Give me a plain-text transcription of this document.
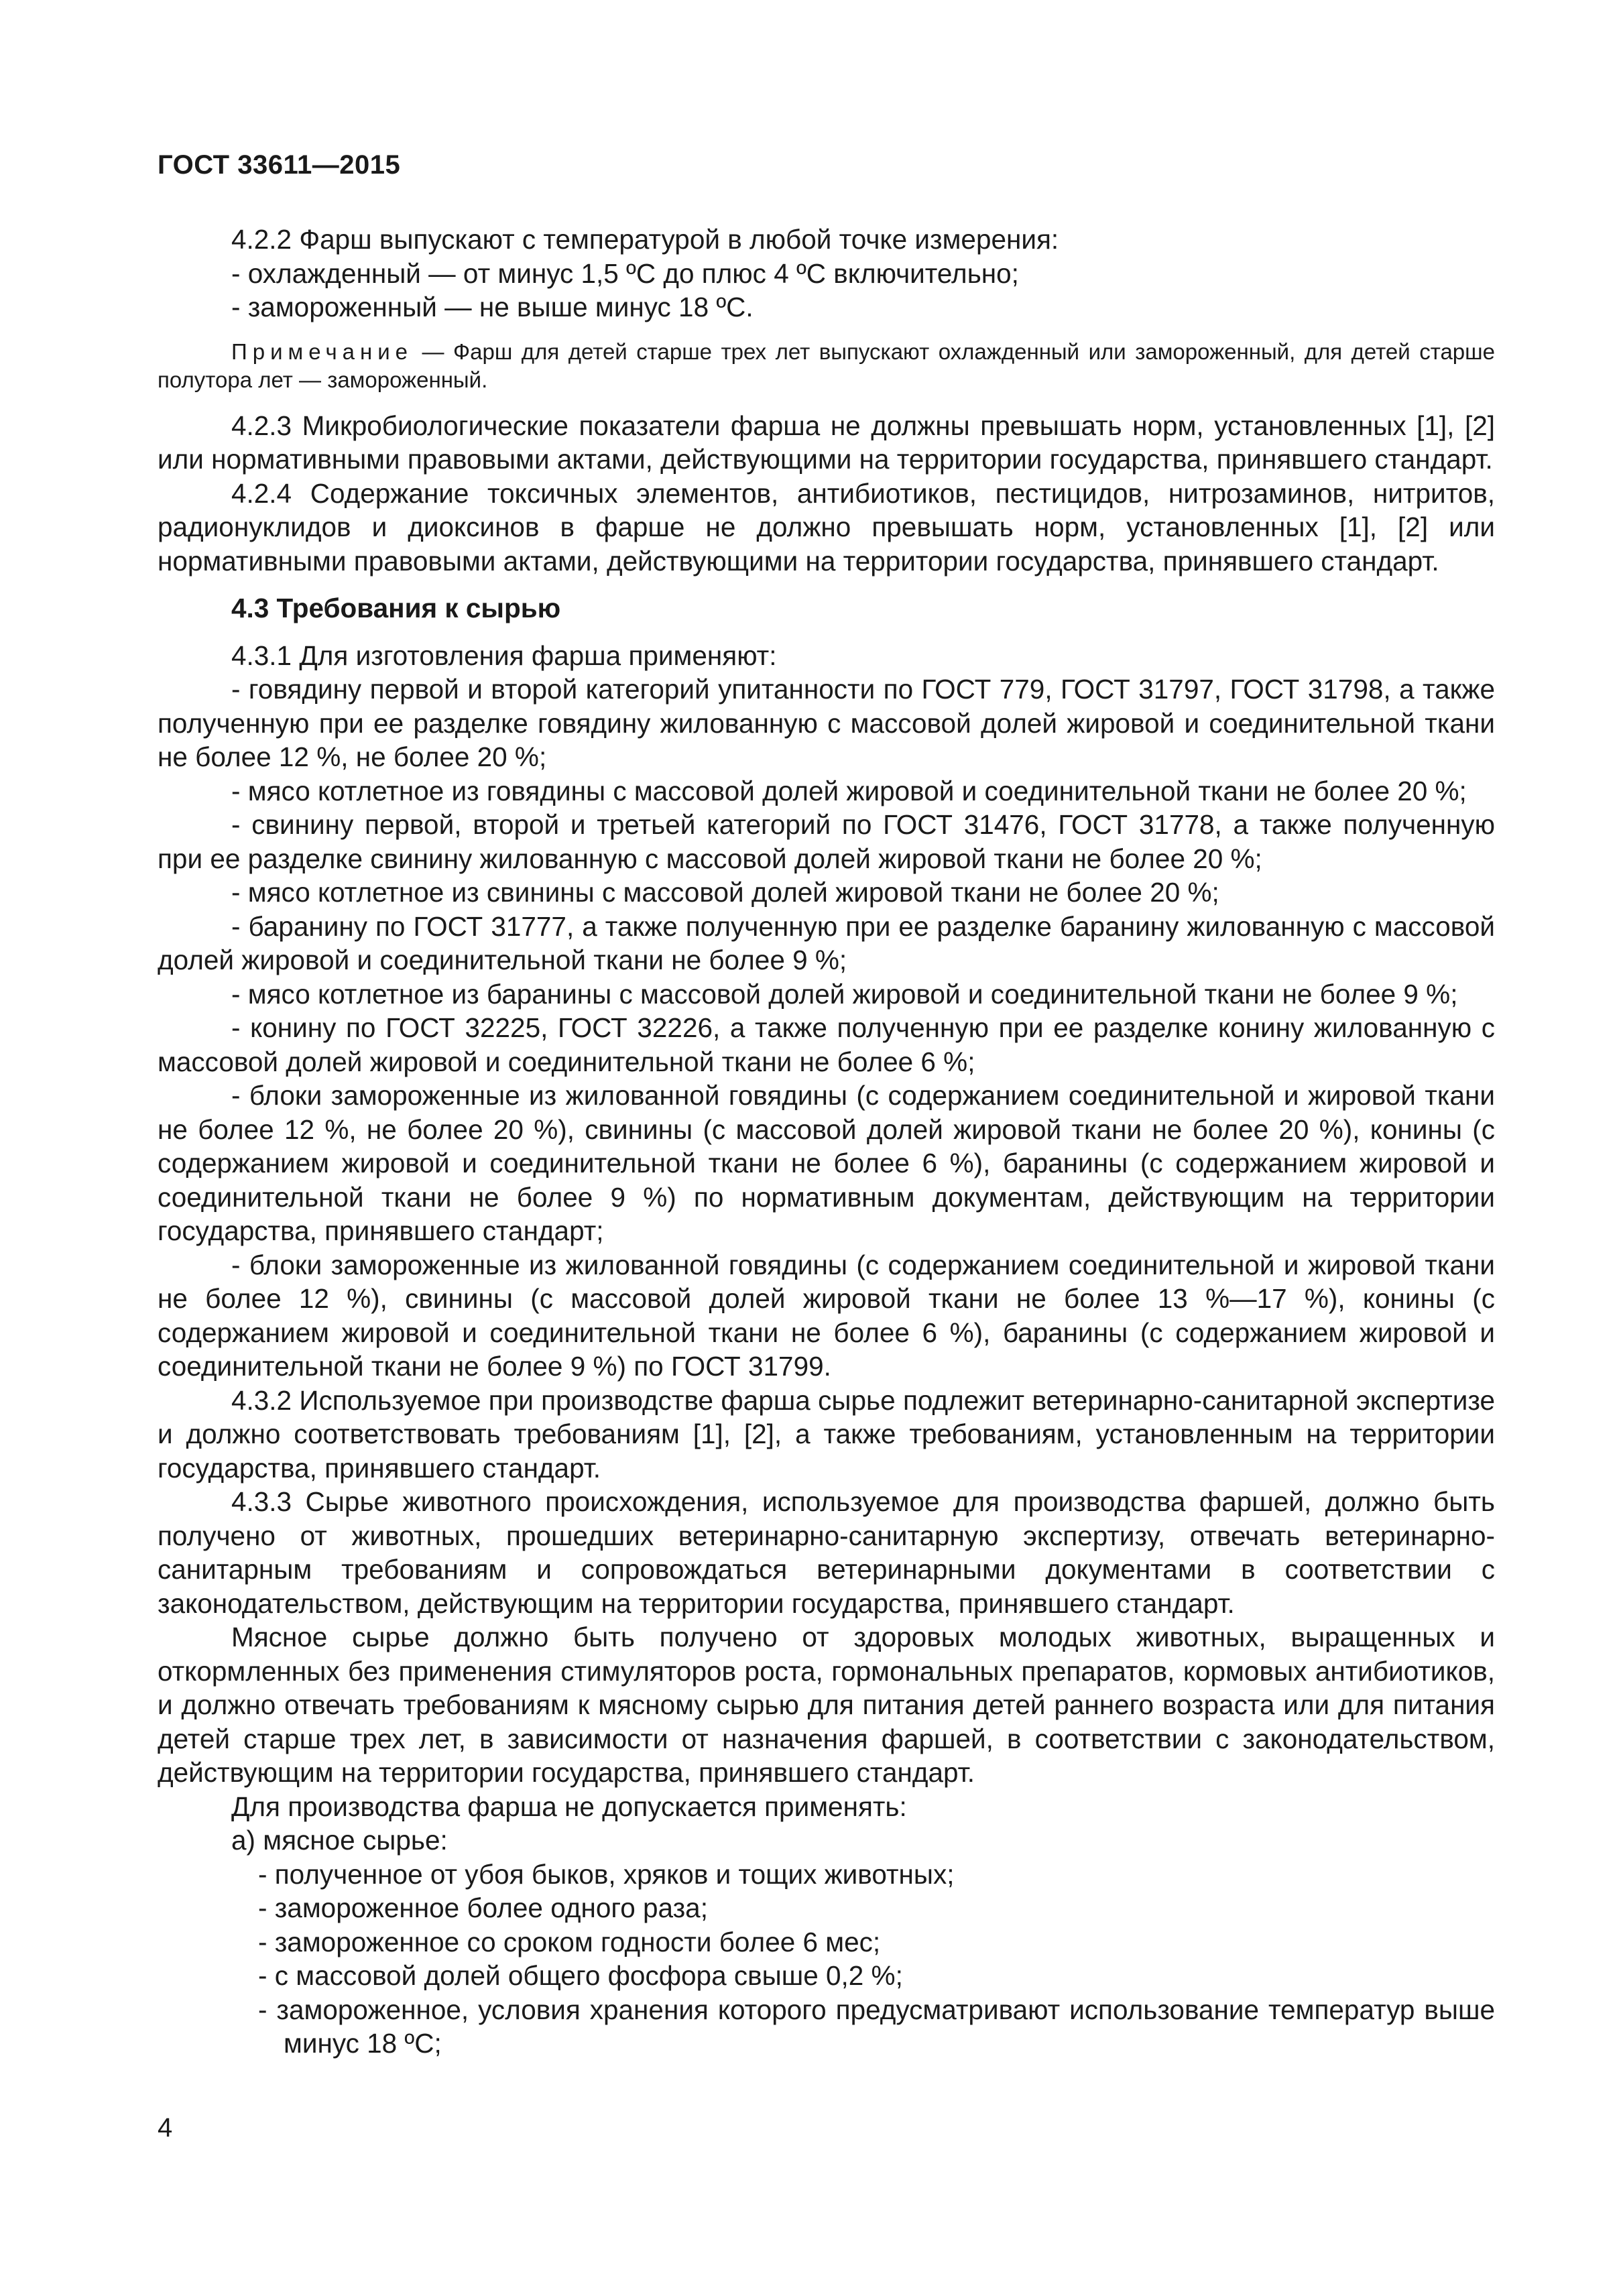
ГОСТ 33611—2015

4.2.2 Фарш выпускают с температурой в любой точке измерения:

- охлажденный — от минус 1,5 ºС до плюс 4 ºС включительно;

- замороженный — не выше минус 18 ºС.

Примечание — Фарш для детей старше трех лет выпускают охлажденный или замороженный, для детей старше полутора лет — замороженный.

4.2.3 Микробиологические показатели фарша не должны превышать норм, установленных [1], [2] или нормативными правовыми актами, действующими на территории государства, принявшего стандарт.

4.2.4 Содержание токсичных элементов, антибиотиков, пестицидов, нитрозаминов, нитритов, радионуклидов и диоксинов в фарше не должно превышать норм, установленных [1], [2] или нормативными правовыми актами, действующими на территории государства, принявшего стандарт.

4.3 Требования к сырью

4.3.1 Для изготовления фарша применяют:

- говядину первой и второй категорий упитанности по ГОСТ 779, ГОСТ 31797, ГОСТ 31798, а также полученную при ее разделке говядину жилованную с массовой долей жировой и соединительной ткани не более 12 %, не более 20 %;

- мясо котлетное из говядины с массовой долей жировой и соединительной ткани не более 20 %;

- свинину первой, второй и третьей категорий по ГОСТ 31476, ГОСТ 31778, а также полученную при ее разделке свинину жилованную с массовой долей жировой ткани не более 20 %;

- мясо котлетное из свинины с массовой долей жировой ткани не более 20 %;

- баранину по ГОСТ 31777, а также полученную при ее разделке баранину жилованную с массовой долей жировой и соединительной ткани не более 9 %;

- мясо котлетное из баранины с массовой долей жировой и соединительной ткани не более 9 %;

- конину по ГОСТ 32225, ГОСТ 32226, а также полученную при ее разделке конину жилованную с массовой долей жировой и соединительной ткани не более 6 %;

- блоки замороженные из жилованной говядины (с содержанием соединительной и жировой ткани не более 12 %, не более 20 %), свинины (с массовой долей жировой ткани не более 20 %), конины (с содержанием жировой и соединительной ткани не более 6 %), баранины (с содержанием жировой и соединительной ткани не более 9 %) по нормативным документам, действующим на территории государства, принявшего стандарт;

- блоки замороженные из жилованной говядины (с содержанием соединительной и жировой ткани не более 12 %), свинины (с массовой долей жировой ткани не более 13 %—17 %), конины (с содержанием жировой и соединительной ткани не более 6 %), баранины (с содержанием жировой и соединительной ткани не более 9 %) по ГОСТ 31799.

4.3.2 Используемое при производстве фарша сырье подлежит ветеринарно-санитарной экспертизе и должно соответствовать требованиям [1], [2], а также требованиям, установленным на территории государства, принявшего стандарт.

4.3.3 Сырье животного происхождения, используемое для производства фаршей, должно быть получено от животных, прошедших ветеринарно-санитарную экспертизу, отвечать ветеринарно-санитарным требованиям и сопровождаться ветеринарными документами в соответствии с законодательством, действующим на территории государства, принявшего стандарт.

Мясное сырье должно быть получено от здоровых молодых животных, выращенных и откормленных без применения стимуляторов роста, гормональных препаратов, кормовых антибиотиков, и должно отвечать требованиям к мясному сырью для питания детей раннего возраста или для питания детей старше трех лет, в зависимости от назначения фаршей, в соответствии с законодательством, действующим на территории государства, принявшего стандарт.

Для производства фарша не допускается применять:

а) мясное сырье:

- полученное от убоя быков, хряков и тощих животных;

- замороженное более одного раза;

- замороженное со сроком годности более 6 мес;

- с массовой долей общего фосфора свыше 0,2 %;

- замороженное, условия хранения которого предусматривают использование температур выше минус 18 ºС;

4
